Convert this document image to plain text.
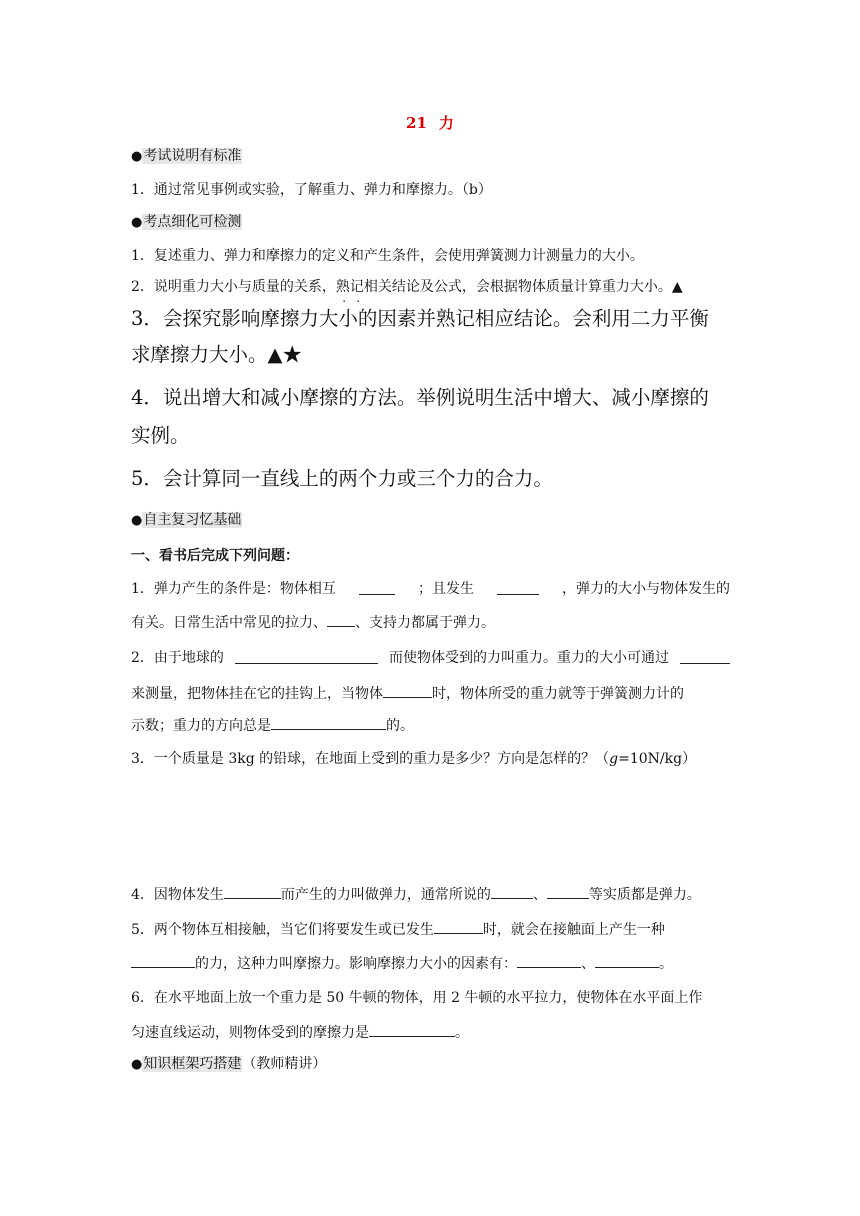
21 力
●考试说明有标准
1．通过常见事例或实验，了解重力、弹力和摩擦力。（b）
●考点细化可检测
1．复述重力、弹力和摩擦力的定义和产生条件，会使用弹簧测力计测量力的大小。
2．说明重力大小与质量的关系，熟记相关结论及公式，会根据物体质量计算重力大小。▲
3．会探究影响摩擦力大小的因素并熟记相应结论。会利用二力平衡
求摩擦力大小。▲★
4．说出增大和减小摩擦的方法。举例说明生活中增大、减小摩擦的
实例。
5．会计算同一直线上的两个力或三个力的合力。
●自主复习忆基础
一、看书后完成下列问题：
1．弹力产生的条件是：物体相互	；且发生	，弹力的大小与物体发生的
有关。日常生活中常见的拉力、 、支持力都属于弹力。
2．由于地球的	而使物体受到的力叫重力。重力的大小可通过
来测量，把物体挂在它的挂钩上，当物体	时，物体所受的重力就等于弹簧测力计的
示数；重力的方向总是	的。
3．一个质量是 3kg 的铅球，在地面上受到的重力是多少？方向是怎样的？（g=10N/kg）
4．因物体发生	而产生的力叫做弹力，通常所说的	、	等实质都是弹力。
5．两个物体互相接触，当它们将要发生或已发生	时，就会在接触面上产生一种
的力，这种力叫摩擦力。影响摩擦力大小的因素有：	、	。
6．在水平地面上放一个重力是 50 牛顿的物体，用 2 牛顿的水平拉力，使物体在水平面上作
匀速直线运动，则物体受到的摩擦力是	。
●知识框架巧搭建（教师精讲）
